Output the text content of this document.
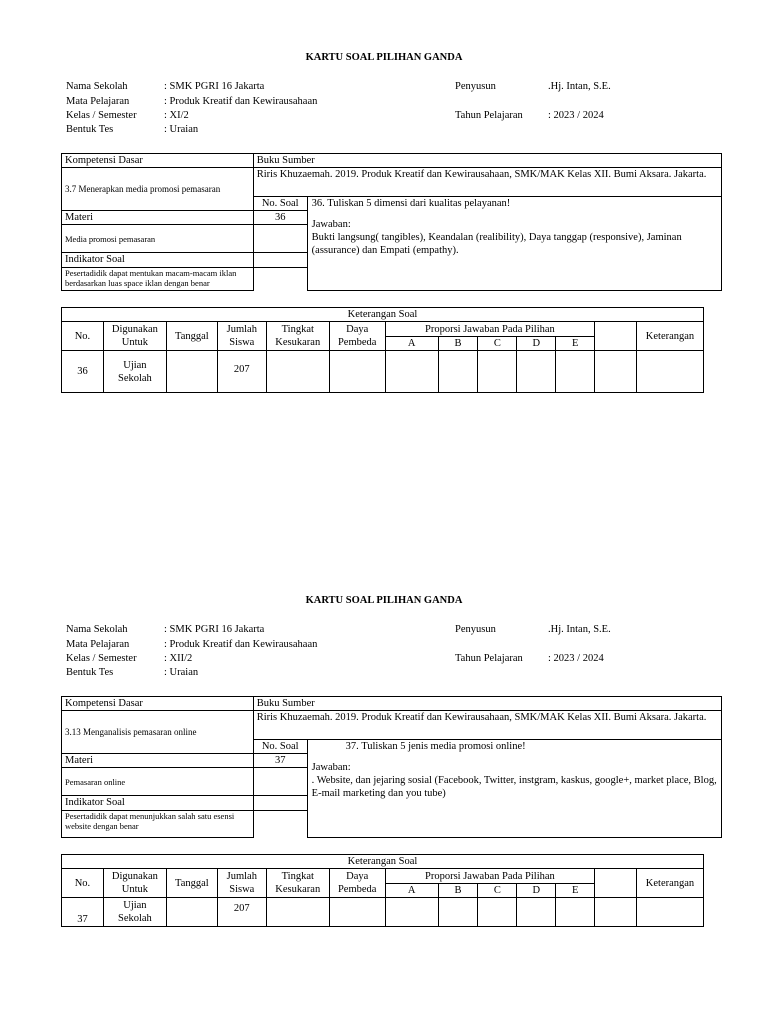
KARTU SOAL PILIHAN GANDA
Nama Sekolah	: SMK PGRI 16 Jakarta
Mata Pelajaran	: Produk Kreatif dan Kewirausahaan
Kelas / Semester	: XI/2
Bentuk Tes	: Uraian
Penyusun	.Hj. Intan, S.E.
Tahun Pelajaran : 2023 / 2024
Kompetensi Dasar	Buku Sumber	
3.7 Menerapkan media promosi pemasaran	Riris Khuzaemah. 2019. Produk Kreatif dan Kewirausahaan, SMK/MAK Kelas XII. Bumi Aksara. Jakarta.	
	No. Soal	36. Tuliskan 5 dimensi dari kualitas pelayanan!
Jawaban:
Bukti langsung( tangibles), Keandalan (realibility), Daya tanggap (responsive), Jaminan (assurance) dan Empati (empathy).

Materi	36	
Media promosi pemasaran		
Indikator Soal		
Pesertadidik dapat mentukan macam-macam iklan berdasarkan luas space iklan dengan benar		
Keterangan Soal												
No.	Digunakan Untuk	Tanggal	Jumlah Siswa	Tingkat Kesukaran	Daya Pembeda	Proporsi Jawaban Pada Pilihan						Keterangan
						A	B	C	D	E		
36	Ujian Sekolah		207									
KARTU SOAL PILIHAN GANDA
Nama Sekolah	: SMK PGRI 16 Jakarta
Mata Pelajaran	: Produk Kreatif dan Kewirausahaan
Kelas / Semester	: XII/2
Bentuk Tes	: Uraian
Penyusun	.Hj. Intan, S.E.
Tahun Pelajaran : 2023 / 2024
Kompetensi Dasar	Buku Sumber	
3.13 Menganalisis pemasaran online	Riris Khuzaemah. 2019. Produk Kreatif dan Kewirausahaan, SMK/MAK Kelas XII. Bumi Aksara. Jakarta.	
	No. Soal	37. Tuliskan 5 jenis media promosi online!
Jawaban:
. Website, dan jejaring sosial (Facebook, Twitter, instgram, kaskus, google+, market place, Blog, E-mail marketing dan you tube)

Materi	37	
Pemasaran online		
Indikator Soal		
Pesertadidik dapat menunjukkan salah satu esensi website dengan benar		
Keterangan Soal												
No.	Digunakan Untuk	Tanggal	Jumlah Siswa	Tingkat Kesukaran	Daya Pembeda	Proporsi Jawaban Pada Pilihan						Keterangan
						A	B	C	D	E		
37	Ujian Sekolah		207									
